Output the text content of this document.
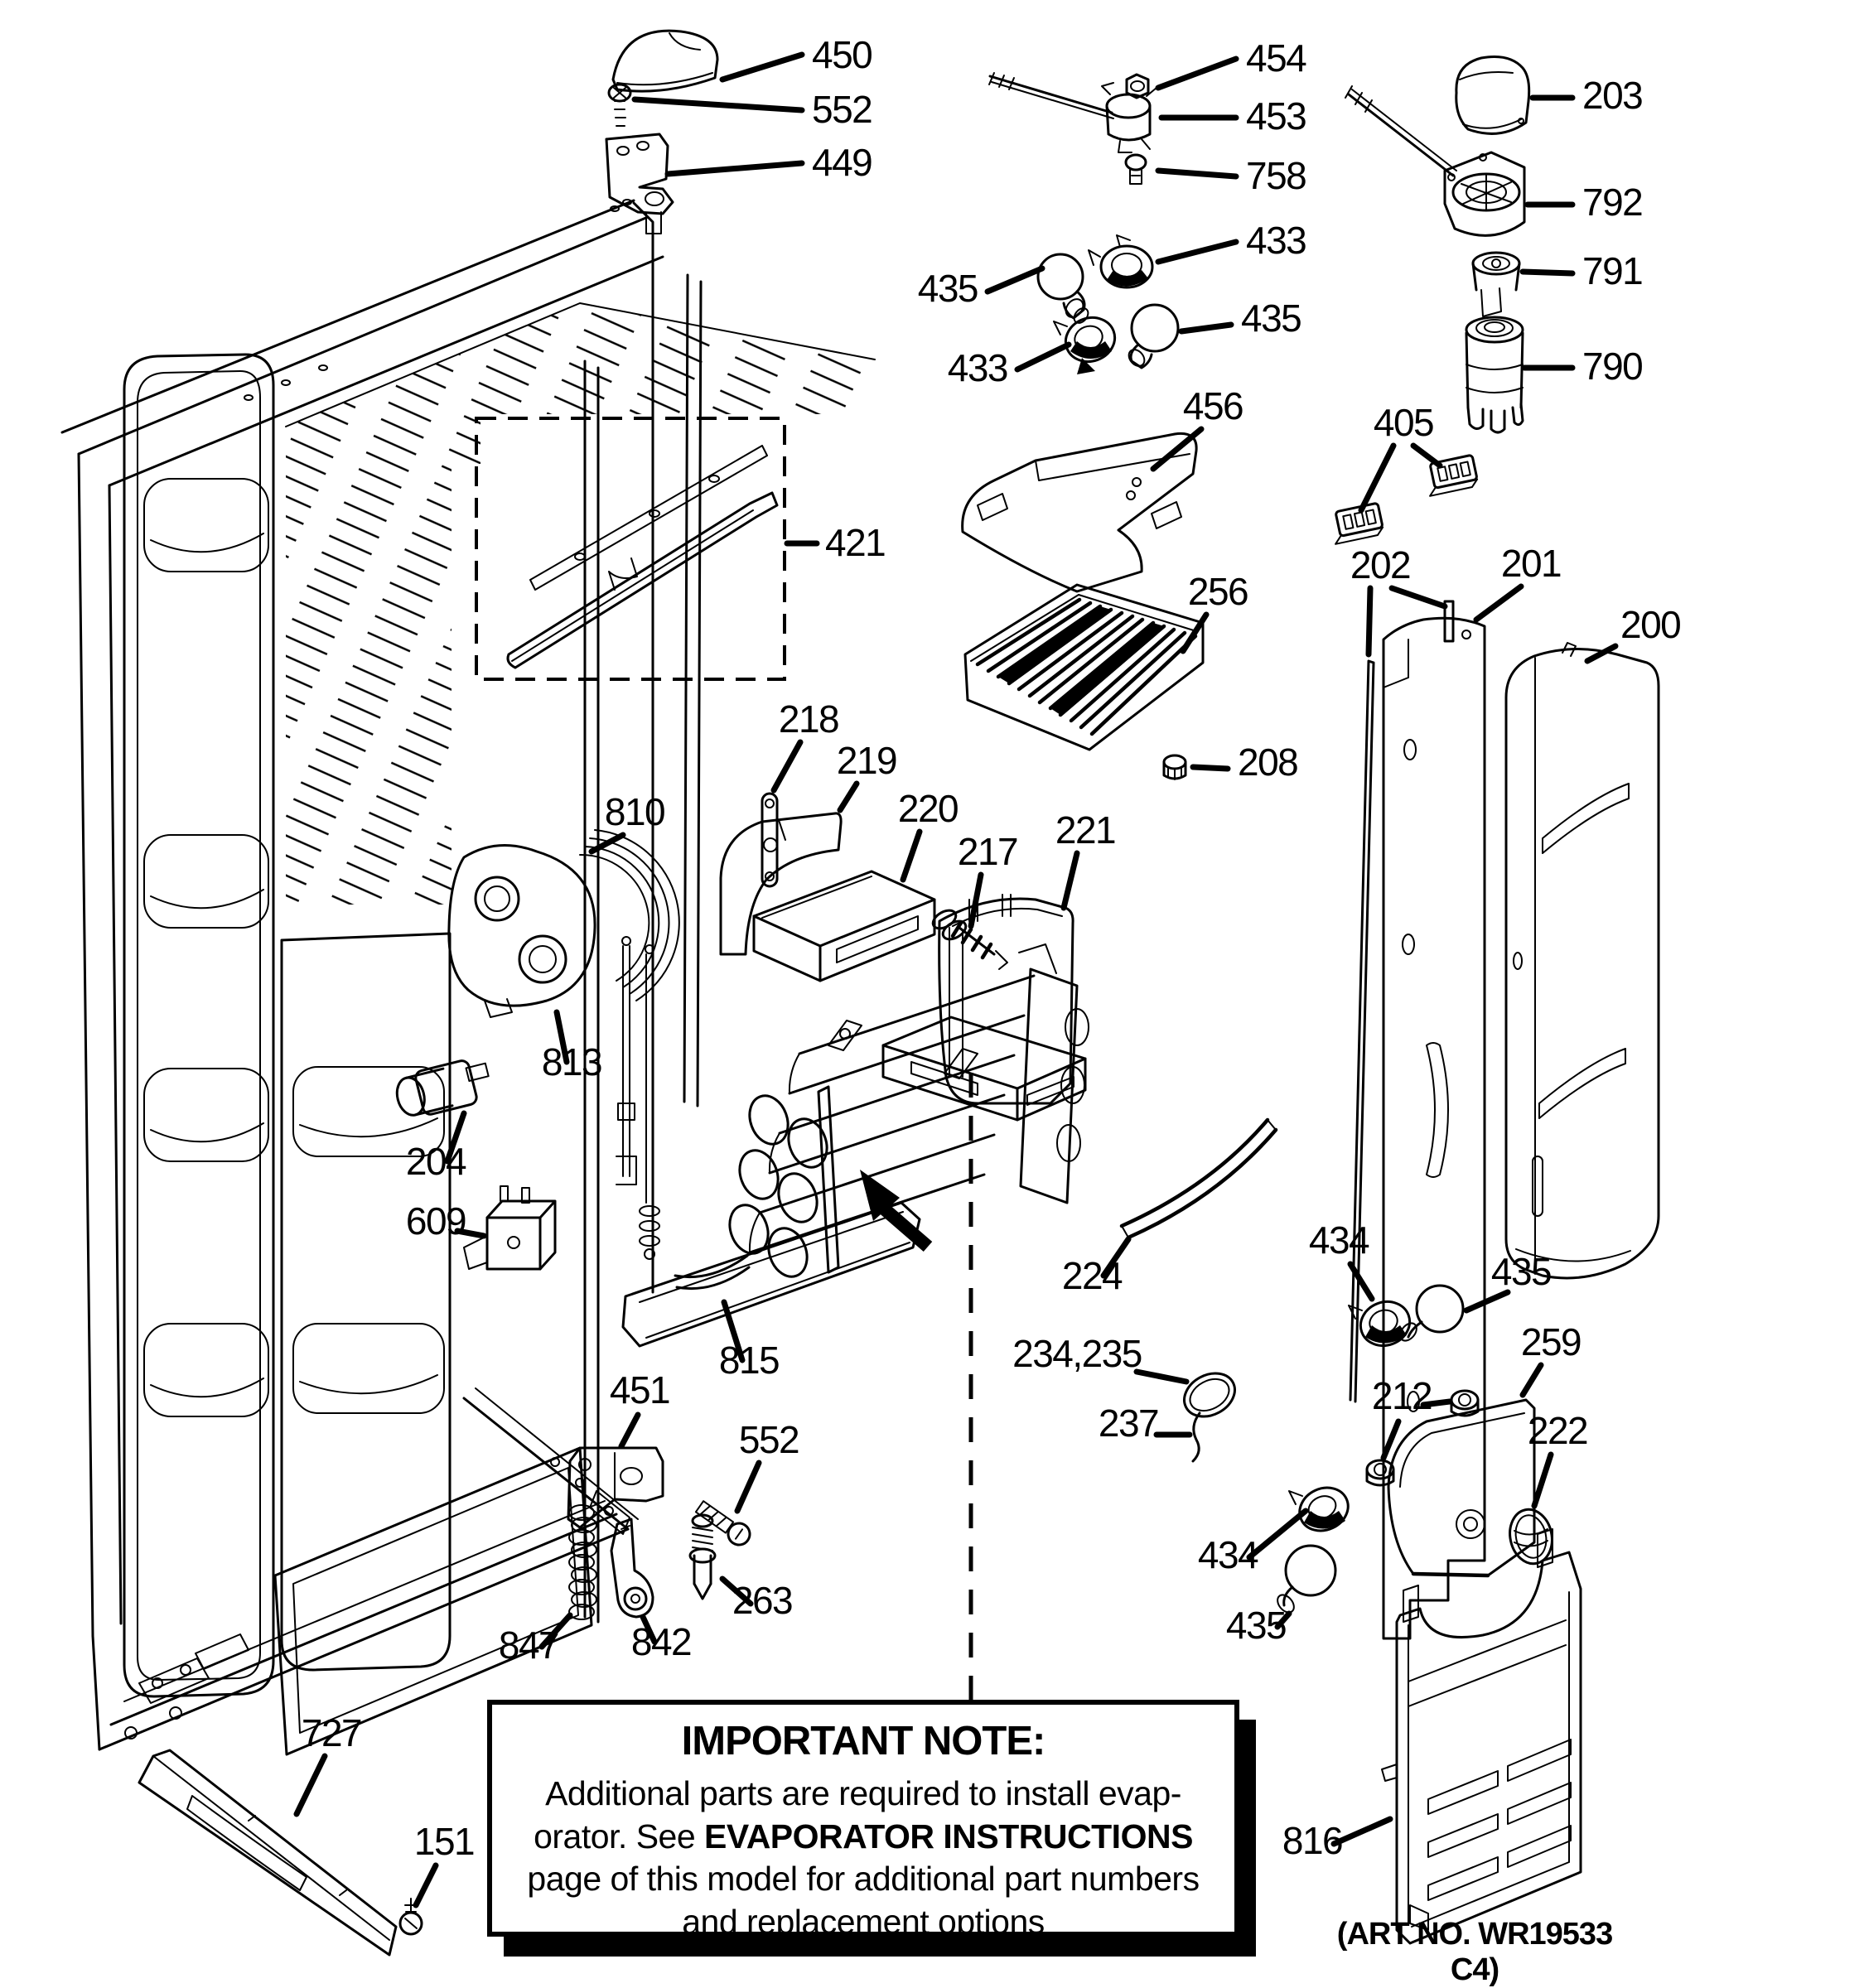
450
552
449
454
453
758
433
435
433
435
203
792
791
790
405
421
456
256
208
202 201
200
218
219
220
217 221
810
813
204
609
815
224
234,235
237
451
552
263
847 842
434
435
259
212
222
434
435
816
727
151
IMPORTANT NOTE:
Additional parts are required to install evap-
orator. See EVAPORATOR INSTRUCTIONS
page of this model for additional part numbers
and replacement options	(ART NO. WR19533 C4)
